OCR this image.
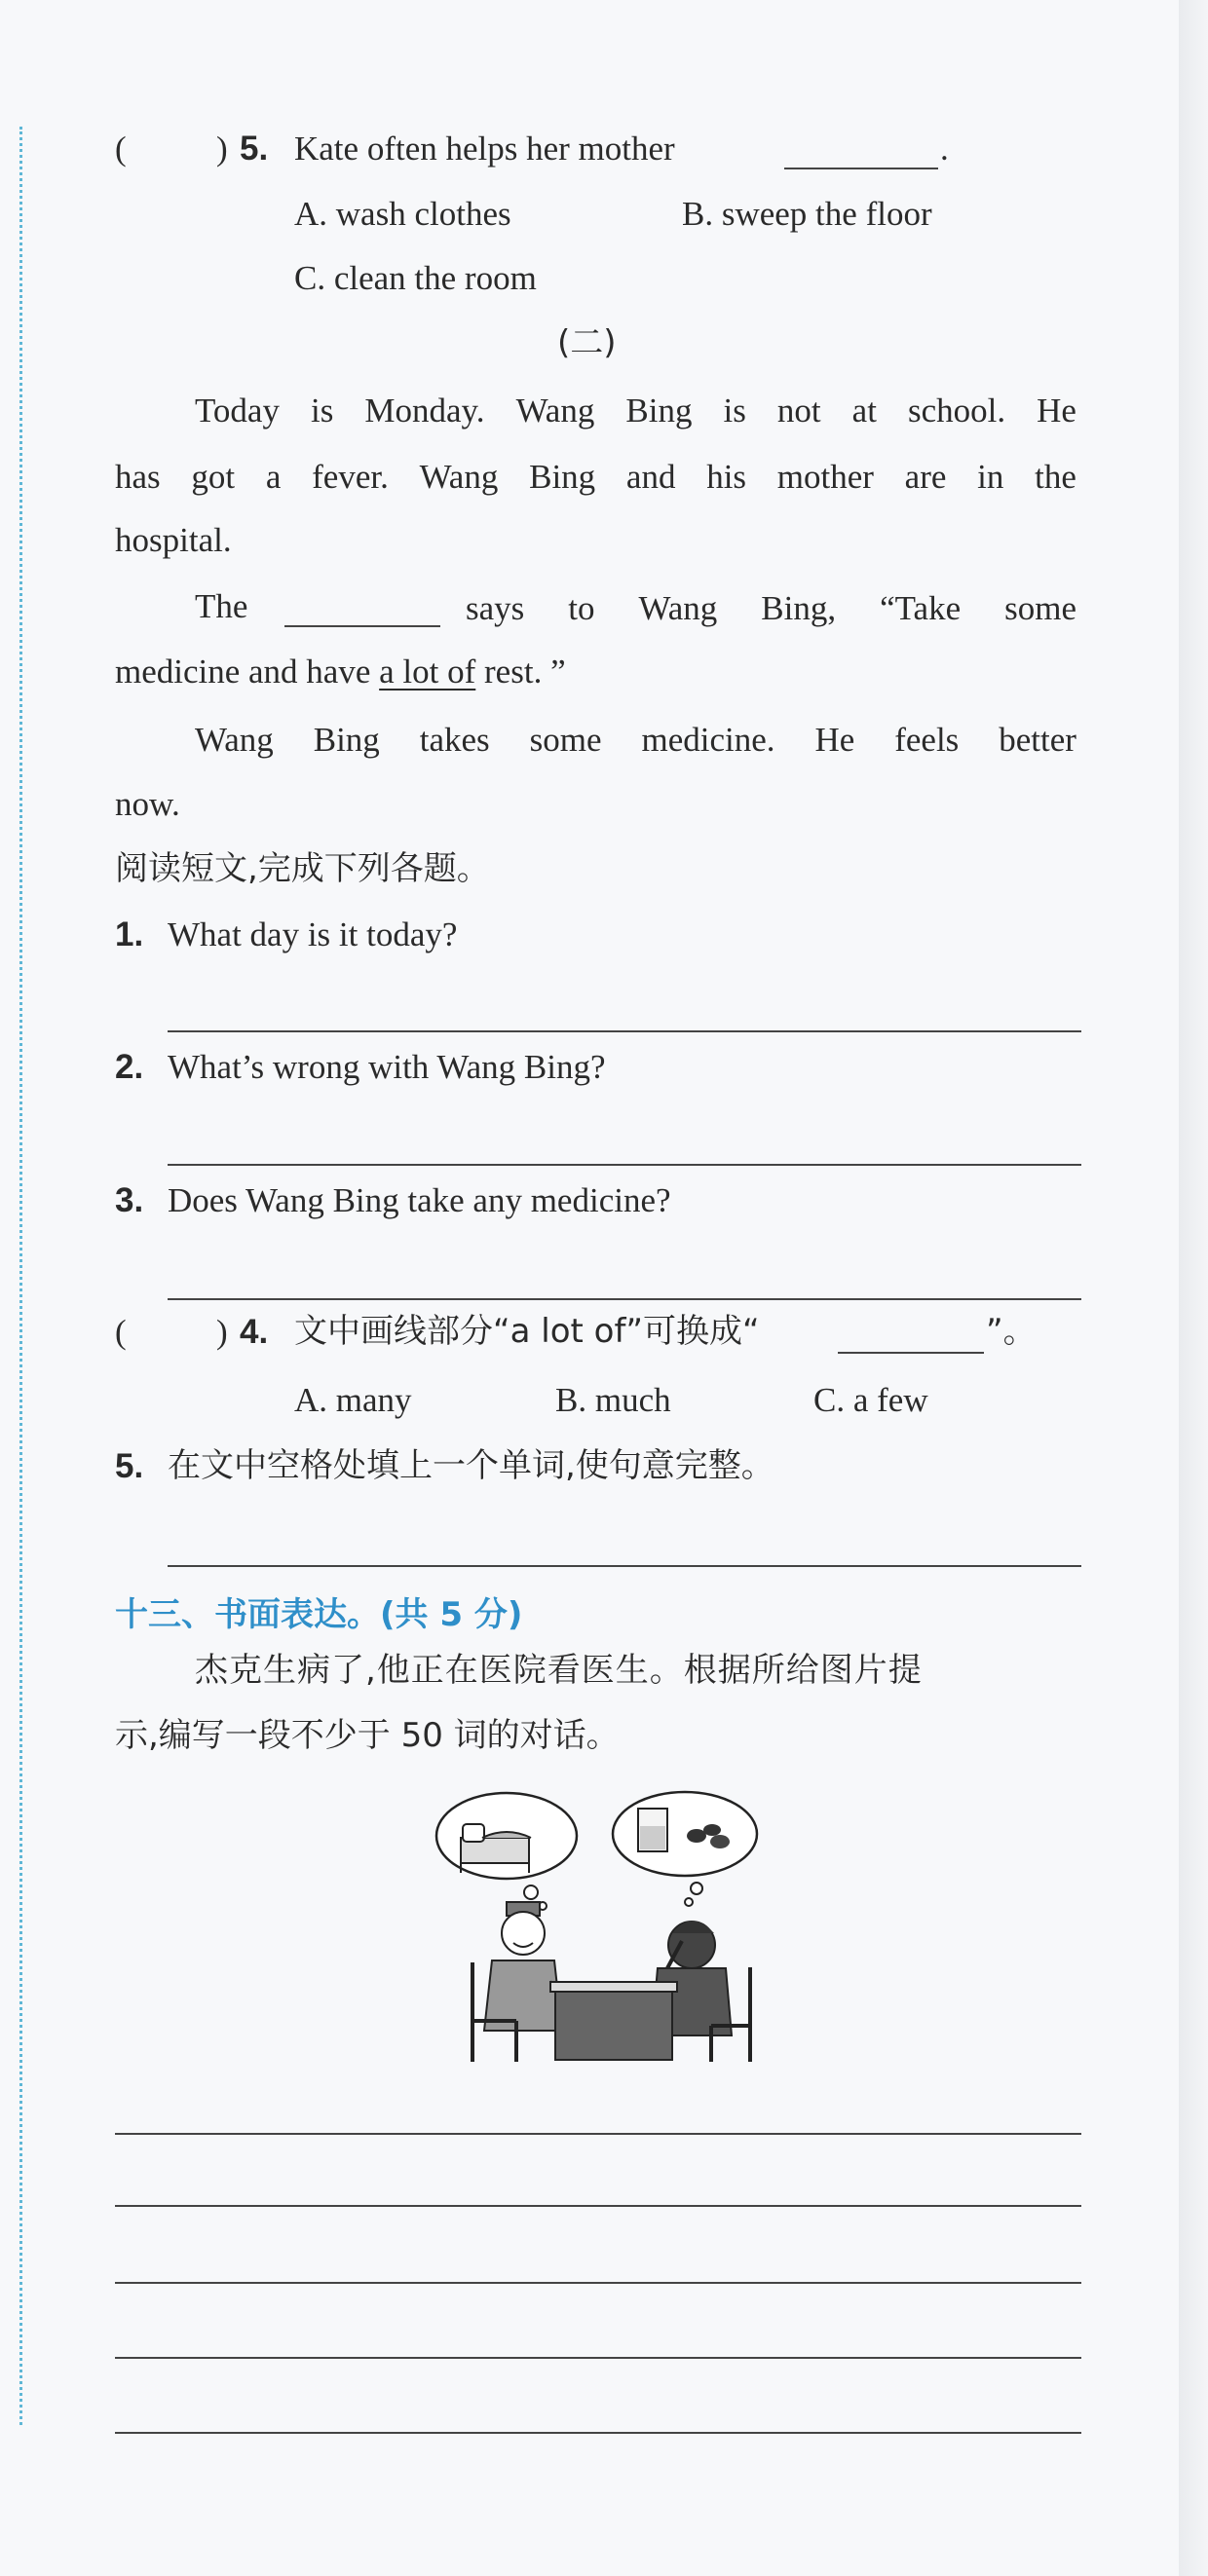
(	) 5. Kate often helps her mother	.
A. wash clothes	B. sweep the floor
C. clean the room
(二)
Today is Monday. Wang Bing is not at school. He
has got a fever. Wang Bing and his mother are in the
hospital.
The	says to Wang Bing, “Take some
medicine and have a lot of rest. ”
Wang Bing takes some medicine. He feels better
now.
阅读短文,完成下列各题。
1. What day is it today?
2. What’s wrong with Wang Bing?
3. Does Wang Bing take any medicine?
(	) 4. 文中画线部分“a lot of”可换成“	”。
A. many	B. much	C. a few
5. 在文中空格处填上一个单词,使句意完整。
十三、书面表达。(共 5 分)
杰克生病了,他正在医院看医生。根据所给图片提
示,编写一段不少于 50 词的对话。
